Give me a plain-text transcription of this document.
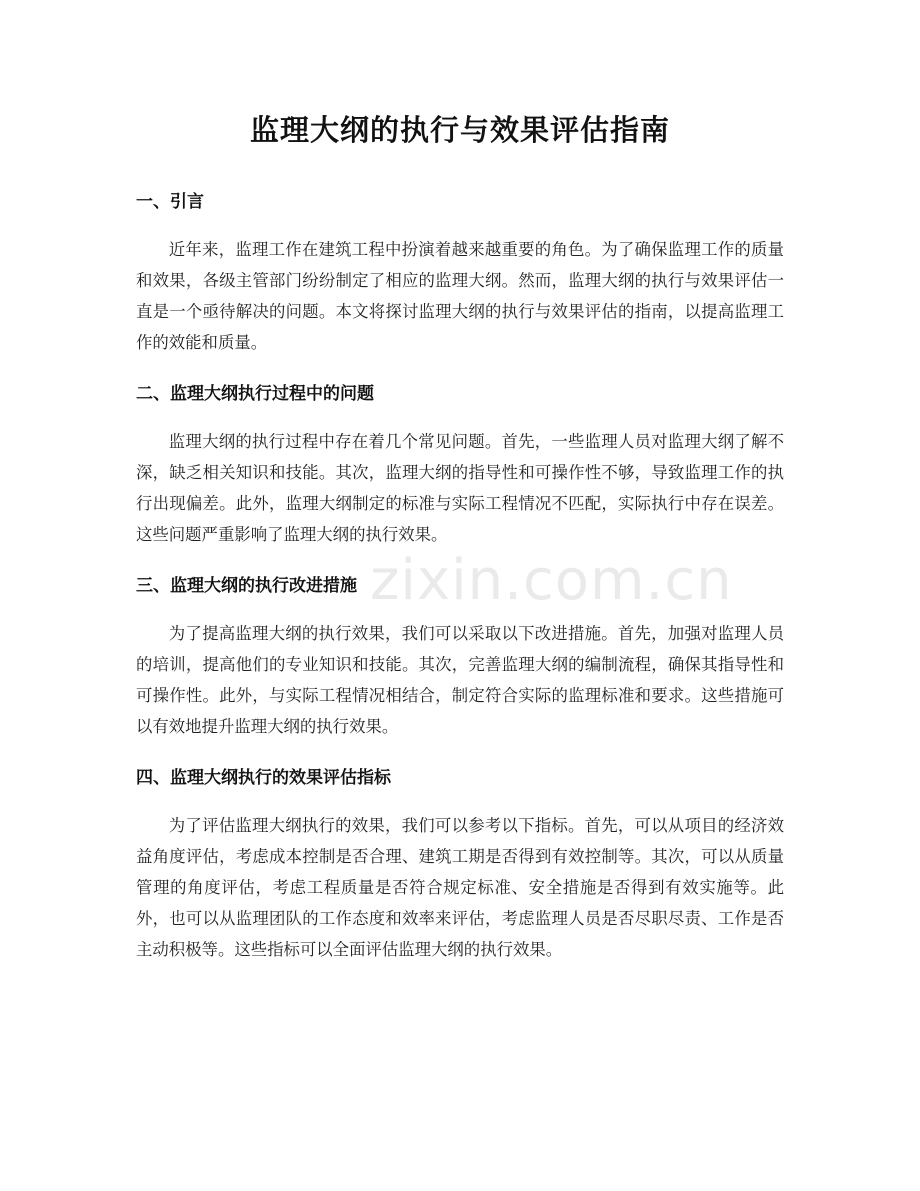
监理大纲的执行与效果评估指南
一、引言

近年来，监理工作在建筑工程中扮演着越来越重要的角色。为了确保监理工作的质量和效果，各级主管部门纷纷制定了相应的监理大纲。然而，监理大纲的执行与效果评估一直是一个亟待解决的问题。本文将探讨监理大纲的执行与效果评估的指南，以提高监理工作的效能和质量。

二、监理大纲执行过程中的问题

监理大纲的执行过程中存在着几个常见问题。首先，一些监理人员对监理大纲了解不深，缺乏相关知识和技能。其次，监理大纲的指导性和可操作性不够，导致监理工作的执行出现偏差。此外，监理大纲制定的标准与实际工程情况不匹配，实际执行中存在误差。这些问题严重影响了监理大纲的执行效果。

三、监理大纲的执行改进措施

为了提高监理大纲的执行效果，我们可以采取以下改进措施。首先，加强对监理人员的培训，提高他们的专业知识和技能。其次，完善监理大纲的编制流程，确保其指导性和可操作性。此外，与实际工程情况相结合，制定符合实际的监理标准和要求。这些措施可以有效地提升监理大纲的执行效果。

四、监理大纲执行的效果评估指标

为了评估监理大纲执行的效果，我们可以参考以下指标。首先，可以从项目的经济效益角度评估，考虑成本控制是否合理、建筑工期是否得到有效控制等。其次，可以从质量管理的角度评估，考虑工程质量是否符合规定标准、安全措施是否得到有效实施等。此外，也可以从监理团队的工作态度和效率来评估，考虑监理人员是否尽职尽责、工作是否主动积极等。这些指标可以全面评估监理大纲的执行效果。

zixin.com.cn
